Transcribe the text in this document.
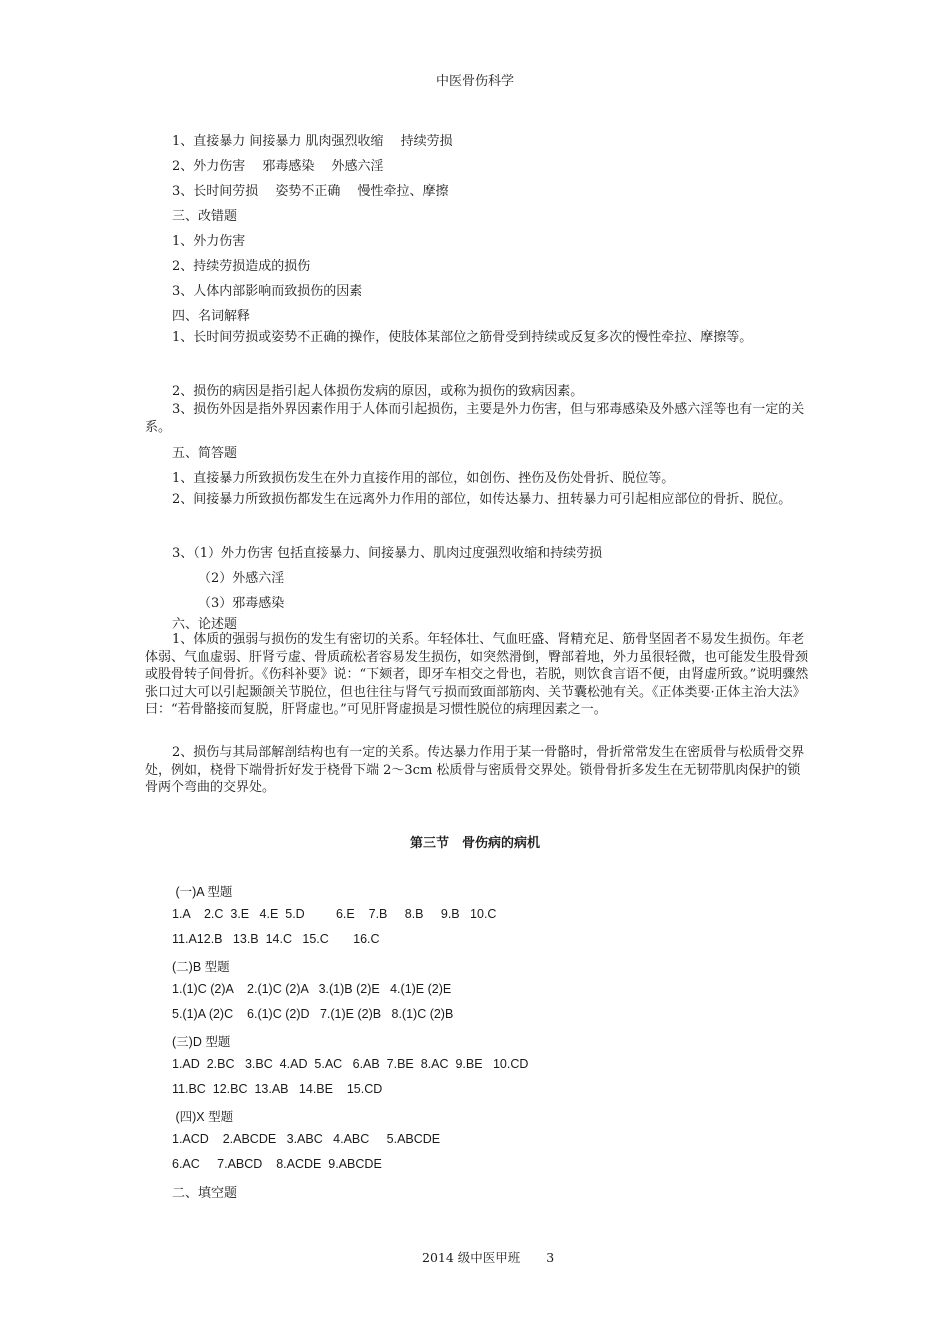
中医骨伤科学
1、直接暴力 间接暴力 肌肉强烈收缩　 持续劳损
2、外力伤害　 邪毒感染　 外感六淫
3、长时间劳损　 姿势不正确　 慢性牵拉、摩擦
三、改错题
1、外力伤害
2、持续劳损造成的损伤
3、人体内部影响而致损伤的因素
四、名词解释
1、长时间劳损或姿势不正确的操作，使肢体某部位之筋骨受到持续或反复多次的慢性牵拉、摩擦等。
2、损伤的病因是指引起人体损伤发病的原因，或称为损伤的致病因素。
3、损伤外因是指外界因素作用于人体而引起损伤，主要是外力伤害，但与邪毒感染及外感六淫等也有一定的关系。
五、简答题
1、直接暴力所致损伤发生在外力直接作用的部位，如创伤、挫伤及伤处骨折、脱位等。
2、间接暴力所致损伤都发生在远离外力作用的部位，如传达暴力、扭转暴力可引起相应部位的骨折、脱位。
3、（1）外力伤害 包括直接暴力、间接暴力、肌肉过度强烈收缩和持续劳损
（2）外感六淫
（3）邪毒感染
六、论述题
1、体质的强弱与损伤的发生有密切的关系。年轻体壮、气血旺盛、肾精充足、筋骨坚固者不易发生损伤。年老体弱、气血虚弱、肝肾亏虚、骨质疏松者容易发生损伤，如突然滑倒，臀部着地，外力虽很轻微，也可能发生股骨颈或股骨转子间骨折。《伤科补要》说：“下颏者，即牙车相交之骨也，若脱，则饮食言语不便，由肾虚所致。”说明骤然张口过大可以引起颞颌关节脱位，但也往往与肾气亏损而致面部筋肉、关节囊松弛有关。《正体类要·正体主治大法》曰：“若骨骼接而复脱，肝肾虚也。”可见肝肾虚损是习惯性脱位的病理因素之一。
2、损伤与其局部解剖结构也有一定的关系。传达暴力作用于某一骨骼时，骨折常常发生在密质骨与松质骨交界处，例如，桡骨下端骨折好发于桡骨下端 2～3cm 松质骨与密质骨交界处。锁骨骨折多发生在无韧带肌肉保护的锁骨两个弯曲的交界处。
第三节　骨伤病的病机
(一)A 型题
1.A    2.C  3.E   4.E  5.D         6.E    7.B     8.B     9.B   10.C
11.A12.B   13.B  14.C   15.C       16.C
(二)B 型题
1.(1)C (2)A    2.(1)C (2)A   3.(1)B (2)E   4.(1)E (2)E
5.(1)A (2)C    6.(1)C (2)D   7.(1)E (2)B   8.(1)C (2)B
(三)D 型题
1.AD  2.BC   3.BC  4.AD  5.AC   6.AB  7.BE  8.AC  9.BE   10.CD
11.BC  12.BC  13.AB   14.BE    15.CD
(四)X 型题
1.ACD    2.ABCDE   3.ABC   4.ABC     5.ABCDE
6.AC     7.ABCD    8.ACDE  9.ABCDE
二、填空题
2014 级中医甲班 3
